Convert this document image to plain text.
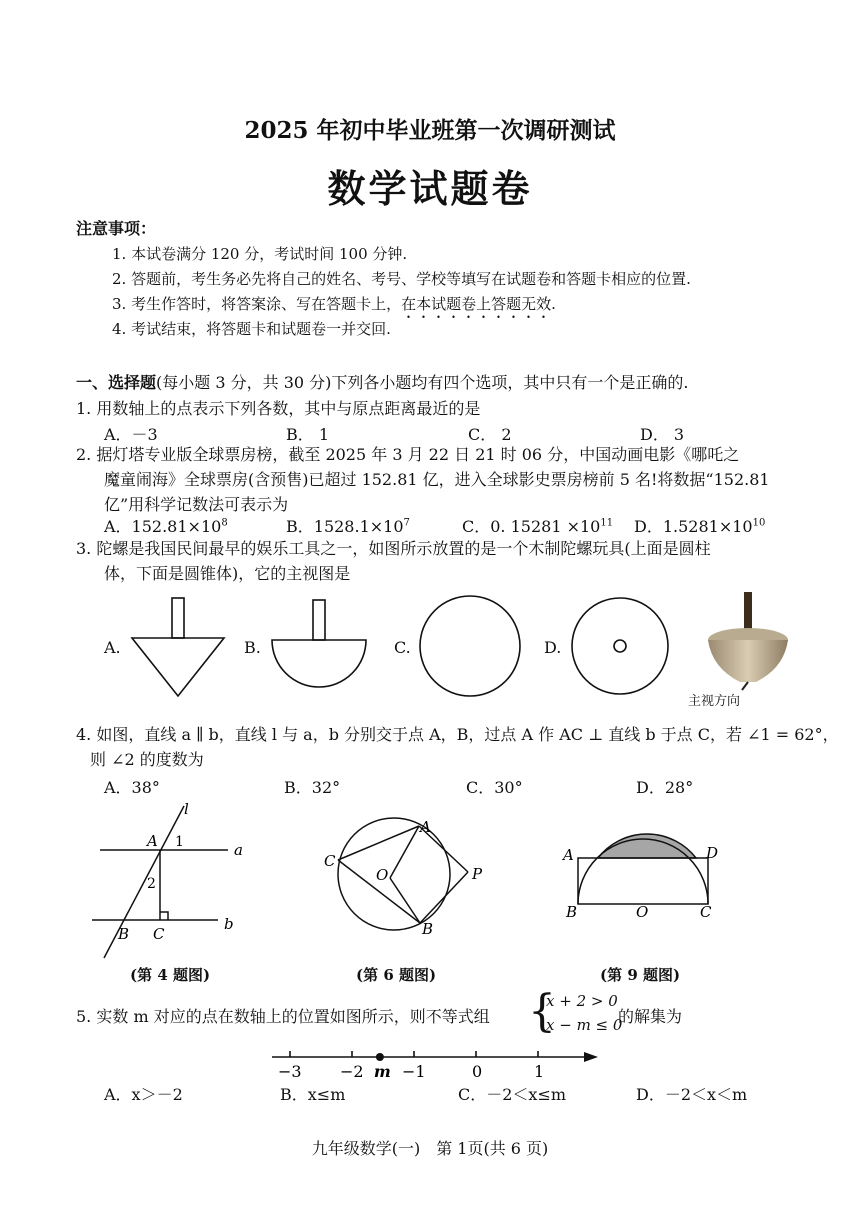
2025 年初中毕业班第一次调研测试
数学试题卷
注意事项：
1. 本试卷满分 120 分，考试时间 100 分钟.
2. 答题前，考生务必先将自己的姓名、考号、学校等填写在试题卷和答题卡相应的位置.
3. 考生作答时，将答案涂、写在答题卡上，在本试题卷上答题无效.
4. 考试结束，将答题卡和试题卷一并交回.
一、选择题(每小题 3 分，共 30 分)下列各小题均有四个选项，其中只有一个是正确的.
1. 用数轴上的点表示下列各数，其中与原点距离最近的是
A．－3	B． 1	C． 2	D． 3
2. 据灯塔专业版全球票房榜，截至 2025 年 3 月 22 日 21 时 06 分，中国动画电影《哪吒之
魔童闹海》全球票房(含预售)已超过 152.81 亿，进入全球影史票房榜前 5 名!将数据“152.81
亿”用科学记数法可表示为
A．$152.81\times 10^8$	B．$1528.1\times 10^7$	C．0. $15281 \times 10^{11}$ D．$1.5281\times 10^{10}$
3. 陀螺是我国民间最早的娱乐工具之一，如图所示放置的是一个木制陀螺玩具(上面是圆柱
体，下面是圆锥体)，它的主视图是
A.	B.	C.	D.
主视方向
4. 如图，直线 a ∥ b，直线 l 与 a，b 分别交于点 A，B，过点 A 作 AC ⊥ 直线 b 于点 C，若 ∠1 = 62°，
则 ∠2 的度数为
A．38°	B．32°	C．30°	D．28°
l
A 1	a
2
B C
b
A
C
O	P
B
A	D
B	O	C
(第 4 题图)	(第 6 题图)	(第 9 题图)
5. 实数 m 对应的点在数轴上的位置如图所示，则不等式组 {
x + 2 > 0
x − m ≤ 0
的解集为
−3 −2 −1	0	1
m
A．x＞－2	B．x≤m	C．－2＜x≤m	D．－2＜x＜m
九年级数学(一)　第 1页(共 6 页)
